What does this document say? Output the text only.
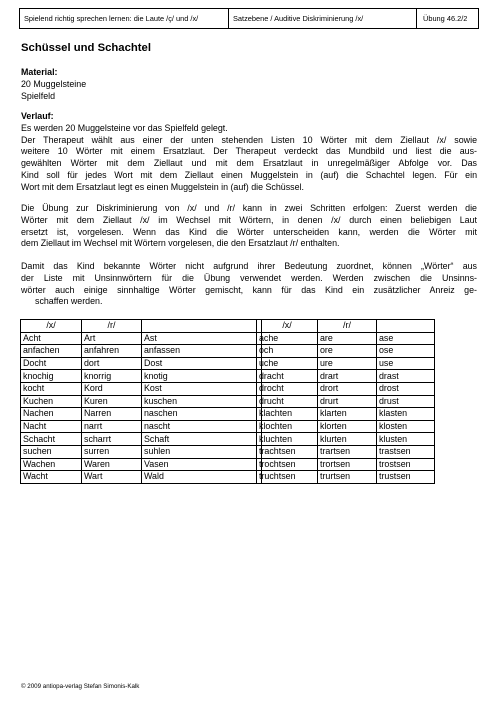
Spielend richtig sprechen lernen: die Laute /ç/ und /x/	Satzebene / Auditive Diskriminierung /x/	Übung 46.2/2
Schüssel und Schachtel
Material:
20 Muggelsteine
Spielfeld
Verlauf:
Es werden 20 Muggelsteine vor das Spielfeld gelegt.
Der Therapeut wählt aus einer der unten stehenden Listen 10 Wörter mit dem Ziellaut /x/ sowie
weitere 10 Wörter mit einem Ersatzlaut. Der Therapeut verdeckt das Mundbild und liest die aus-
gewählten Wörter mit dem Ziellaut und mit dem Ersatzlaut in unregelmäßiger Abfolge vor. Das
Kind soll für jedes Wort mit dem Ziellaut einen Muggelstein in (auf) die Schachtel legen. Für ein
Wort mit dem Ersatzlaut legt es einen Muggelstein in (auf) die Schüssel.
Die Übung zur Diskriminierung von /x/ und /r/ kann in zwei Schritten erfolgen: Zuerst werden die
Wörter mit dem Ziellaut /x/ im Wechsel mit Wörtern, in denen /x/ durch einen beliebigen Laut
ersetzt ist, vorgelesen. Wenn das Kind die Wörter unterscheiden kann, werden die Wörter mit
dem Ziellaut im Wechsel mit Wörtern vorgelesen, die den Ersatzlaut /r/ enthalten.
Damit das Kind bekannte Wörter nicht aufgrund ihrer Bedeutung zuordnet, können „Wörter“ aus
der Liste mit Unsinnwörtern für die Übung verwendet werden. Werden zwischen die Unsinns-
wörter auch einige sinnhaltige Wörter gemischt, kann für das Kind ein zusätzlicher Anreiz ge-
schaffen werden.
/x/	/r/	
Acht	Art	Ast
anfachen	anfahren	anfassen
Docht	dort	Dost
knochig	knorrig	knotig
kocht	Kord	Kost
Kuchen	Kuren	kuschen
Nachen	Narren	naschen
Nacht	narrt	nascht
Schacht	scharrt	Schaft
suchen	surren	suhlen
Wachen	Waren	Vasen
Wacht	Wart	Wald
/x/	/r/	
ache	are	ase
och	ore	ose
uche	ure	use
dracht	drart	drast
drocht	drort	drost
drucht	drurt	drust
klachten	klarten	klasten
klochten	klorten	klosten
kluchten	klurten	klusten
trachtsen	trartsen	trastsen
trochtsen	trortsen	trostsen
truchtsen	trurtsen	trustsen
© 2009 antiopa-verlag Stefan Simonis-Kalk
